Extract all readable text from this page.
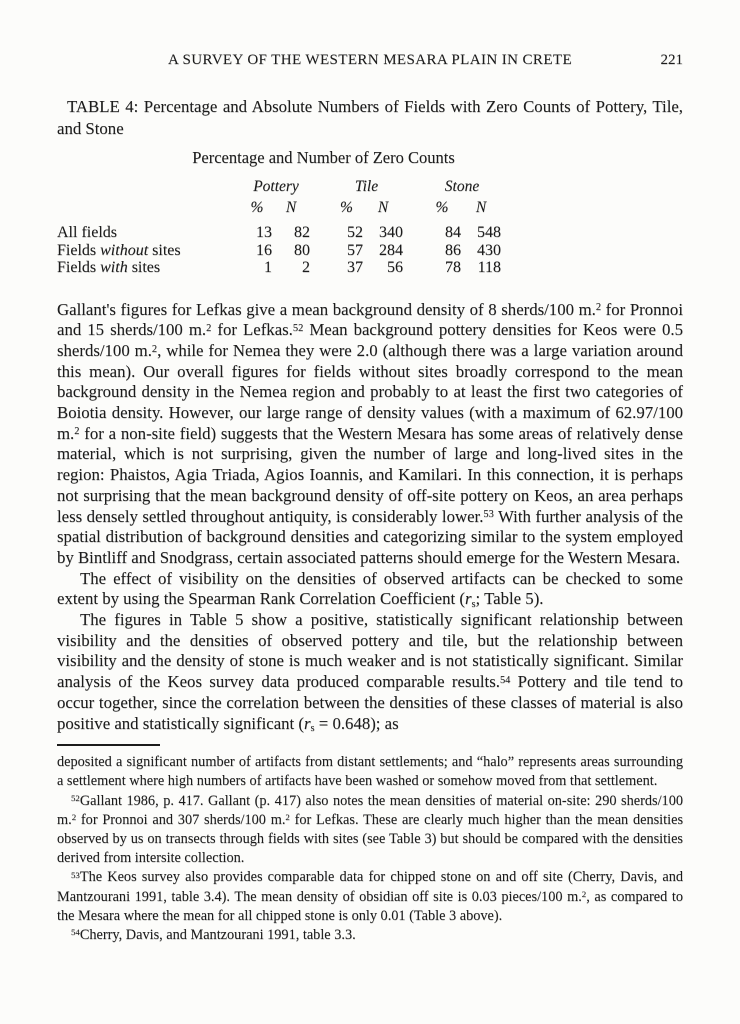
A SURVEY OF THE WESTERN MESARA PLAIN IN CRETE	221

TABLE 4: Percentage and Absolute Numbers of Fields with Zero Counts of Pottery, Tile, and Stone

Percentage and Number of Zero Counts
	Pottery			Tile			Stone	
	%	N		%	N		%	N
All fields	13	82		52	340		84	548
Fields without sites	16	80		57	284		86	430
Fields with sites	1	2		37	56		78	118

Gallant's figures for Lefkas give a mean background density of 8 sherds/100 m.$^2$ for Pronnoi and 15 sherds/100 m.$^2$ for Lefkas.$^{52}$ Mean background pottery densities for Keos were 0.5 sherds/100 m.$^2$, while for Nemea they were 2.0 (although there was a large variation around this mean). Our overall figures for fields without sites broadly correspond to the mean background density in the Nemea region and probably to at least the first two categories of Boiotia density. However, our large range of density values (with a maximum of 62.97/100 m.$^2$ for a non-site field) suggests that the Western Mesara has some areas of relatively dense material, which is not surprising, given the number of large and long-lived sites in the region: Phaistos, Agia Triada, Agios Ioannis, and Kamilari. In this connection, it is perhaps not surprising that the mean background density of off-site pottery on Keos, an area perhaps less densely settled throughout antiquity, is considerably lower.$^{53}$ With further analysis of the spatial distribution of background densities and categorizing similar to the system employed by Bintliff and Snodgrass, certain associated patterns should emerge for the Western Mesara.

The effect of visibility on the densities of observed artifacts can be checked to some extent by using the Spearman Rank Correlation Coefficient ($r_s$; Table 5).

The figures in Table 5 show a positive, statistically significant relationship between visibility and the densities of observed pottery and tile, but the relationship between visibility and the density of stone is much weaker and is not statistically significant. Similar analysis of the Keos survey data produced comparable results.$^{54}$ Pottery and tile tend to occur together, since the correlation between the densities of these classes of material is also positive and statistically significant $(r_s = 0.648)$; as

deposited a significant number of artifacts from distant settlements; and “halo” represents areas surrounding a settlement where high numbers of artifacts have been washed or somehow moved from that settlement.

$^{52}$Gallant 1986, p. 417. Gallant (p. 417) also notes the mean densities of material on-site: 290 sherds/100 m.$^2$ for Pronnoi and 307 sherds/100 m.$^2$ for Lefkas. These are clearly much higher than the mean densities observed by us on transects through fields with sites (see Table 3) but should be compared with the densities derived from intersite collection.

$^{53}$The Keos survey also provides comparable data for chipped stone on and off site (Cherry, Davis, and Mantzourani 1991, table 3.4). The mean density of obsidian off site is 0.03 pieces/100 m.$^2$, as compared to the Mesara where the mean for all chipped stone is only 0.01 (Table 3 above).

$^{54}$Cherry, Davis, and Mantzourani 1991, table 3.3.
